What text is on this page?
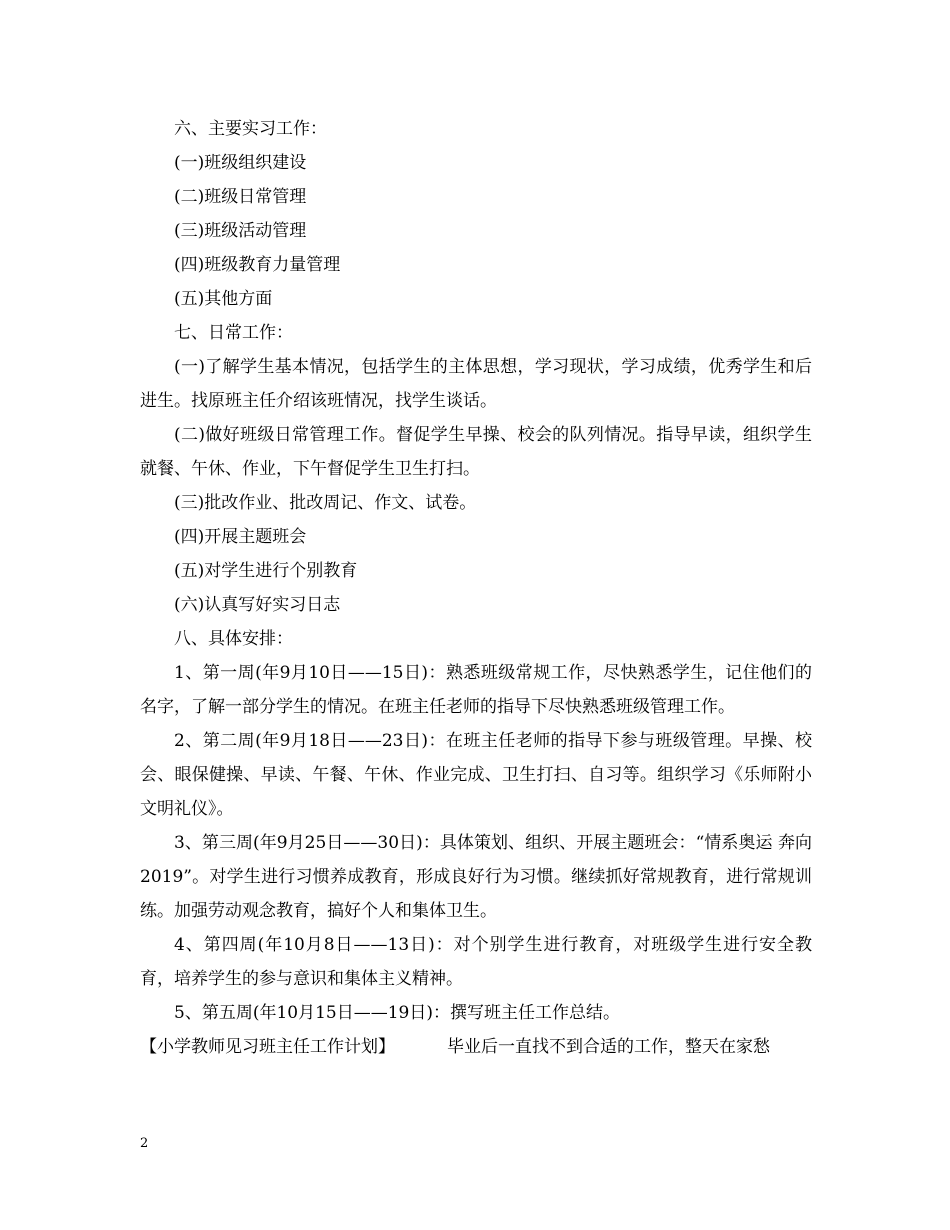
六、主要实习工作：

(一)班级组织建设

(二)班级日常管理

(三)班级活动管理

(四)班级教育力量管理

(五)其他方面

七、日常工作：

(一)了解学生基本情况，包括学生的主体思想，学习现状，学习成绩，优秀学生和后进生。找原班主任介绍该班情况，找学生谈话。

(二)做好班级日常管理工作。督促学生早操、校会的队列情况。指导早读，组织学生就餐、午休、作业，下午督促学生卫生打扫。

(三)批改作业、批改周记、作文、试卷。

(四)开展主题班会

(五)对学生进行个别教育

(六)认真写好实习日志

八、具体安排：

1、第一周(年9月10日——15日)：熟悉班级常规工作，尽快熟悉学生，记住他们的名字，了解一部分学生的情况。在班主任老师的指导下尽快熟悉班级管理工作。

2、第二周(年9月18日——23日)：在班主任老师的指导下参与班级管理。早操、校会、眼保健操、早读、午餐、午休、作业完成、卫生打扫、自习等。组织学习《乐师附小文明礼仪》。

3、第三周(年9月25日——30日)：具体策划、组织、开展主题班会：“情系奥运 奔向2019”。对学生进行习惯养成教育，形成良好行为习惯。继续抓好常规教育，进行常规训练。加强劳动观念教育，搞好个人和集体卫生。

4、第四周(年10月8日——13日)：对个别学生进行教育，对班级学生进行安全教育，培养学生的参与意识和集体主义精神。

5、第五周(年10月15日——19日)：撰写班主任工作总结。

【小学教师见习班主任工作计划】	毕业后一直找不到合适的工作，整天在家愁

2
